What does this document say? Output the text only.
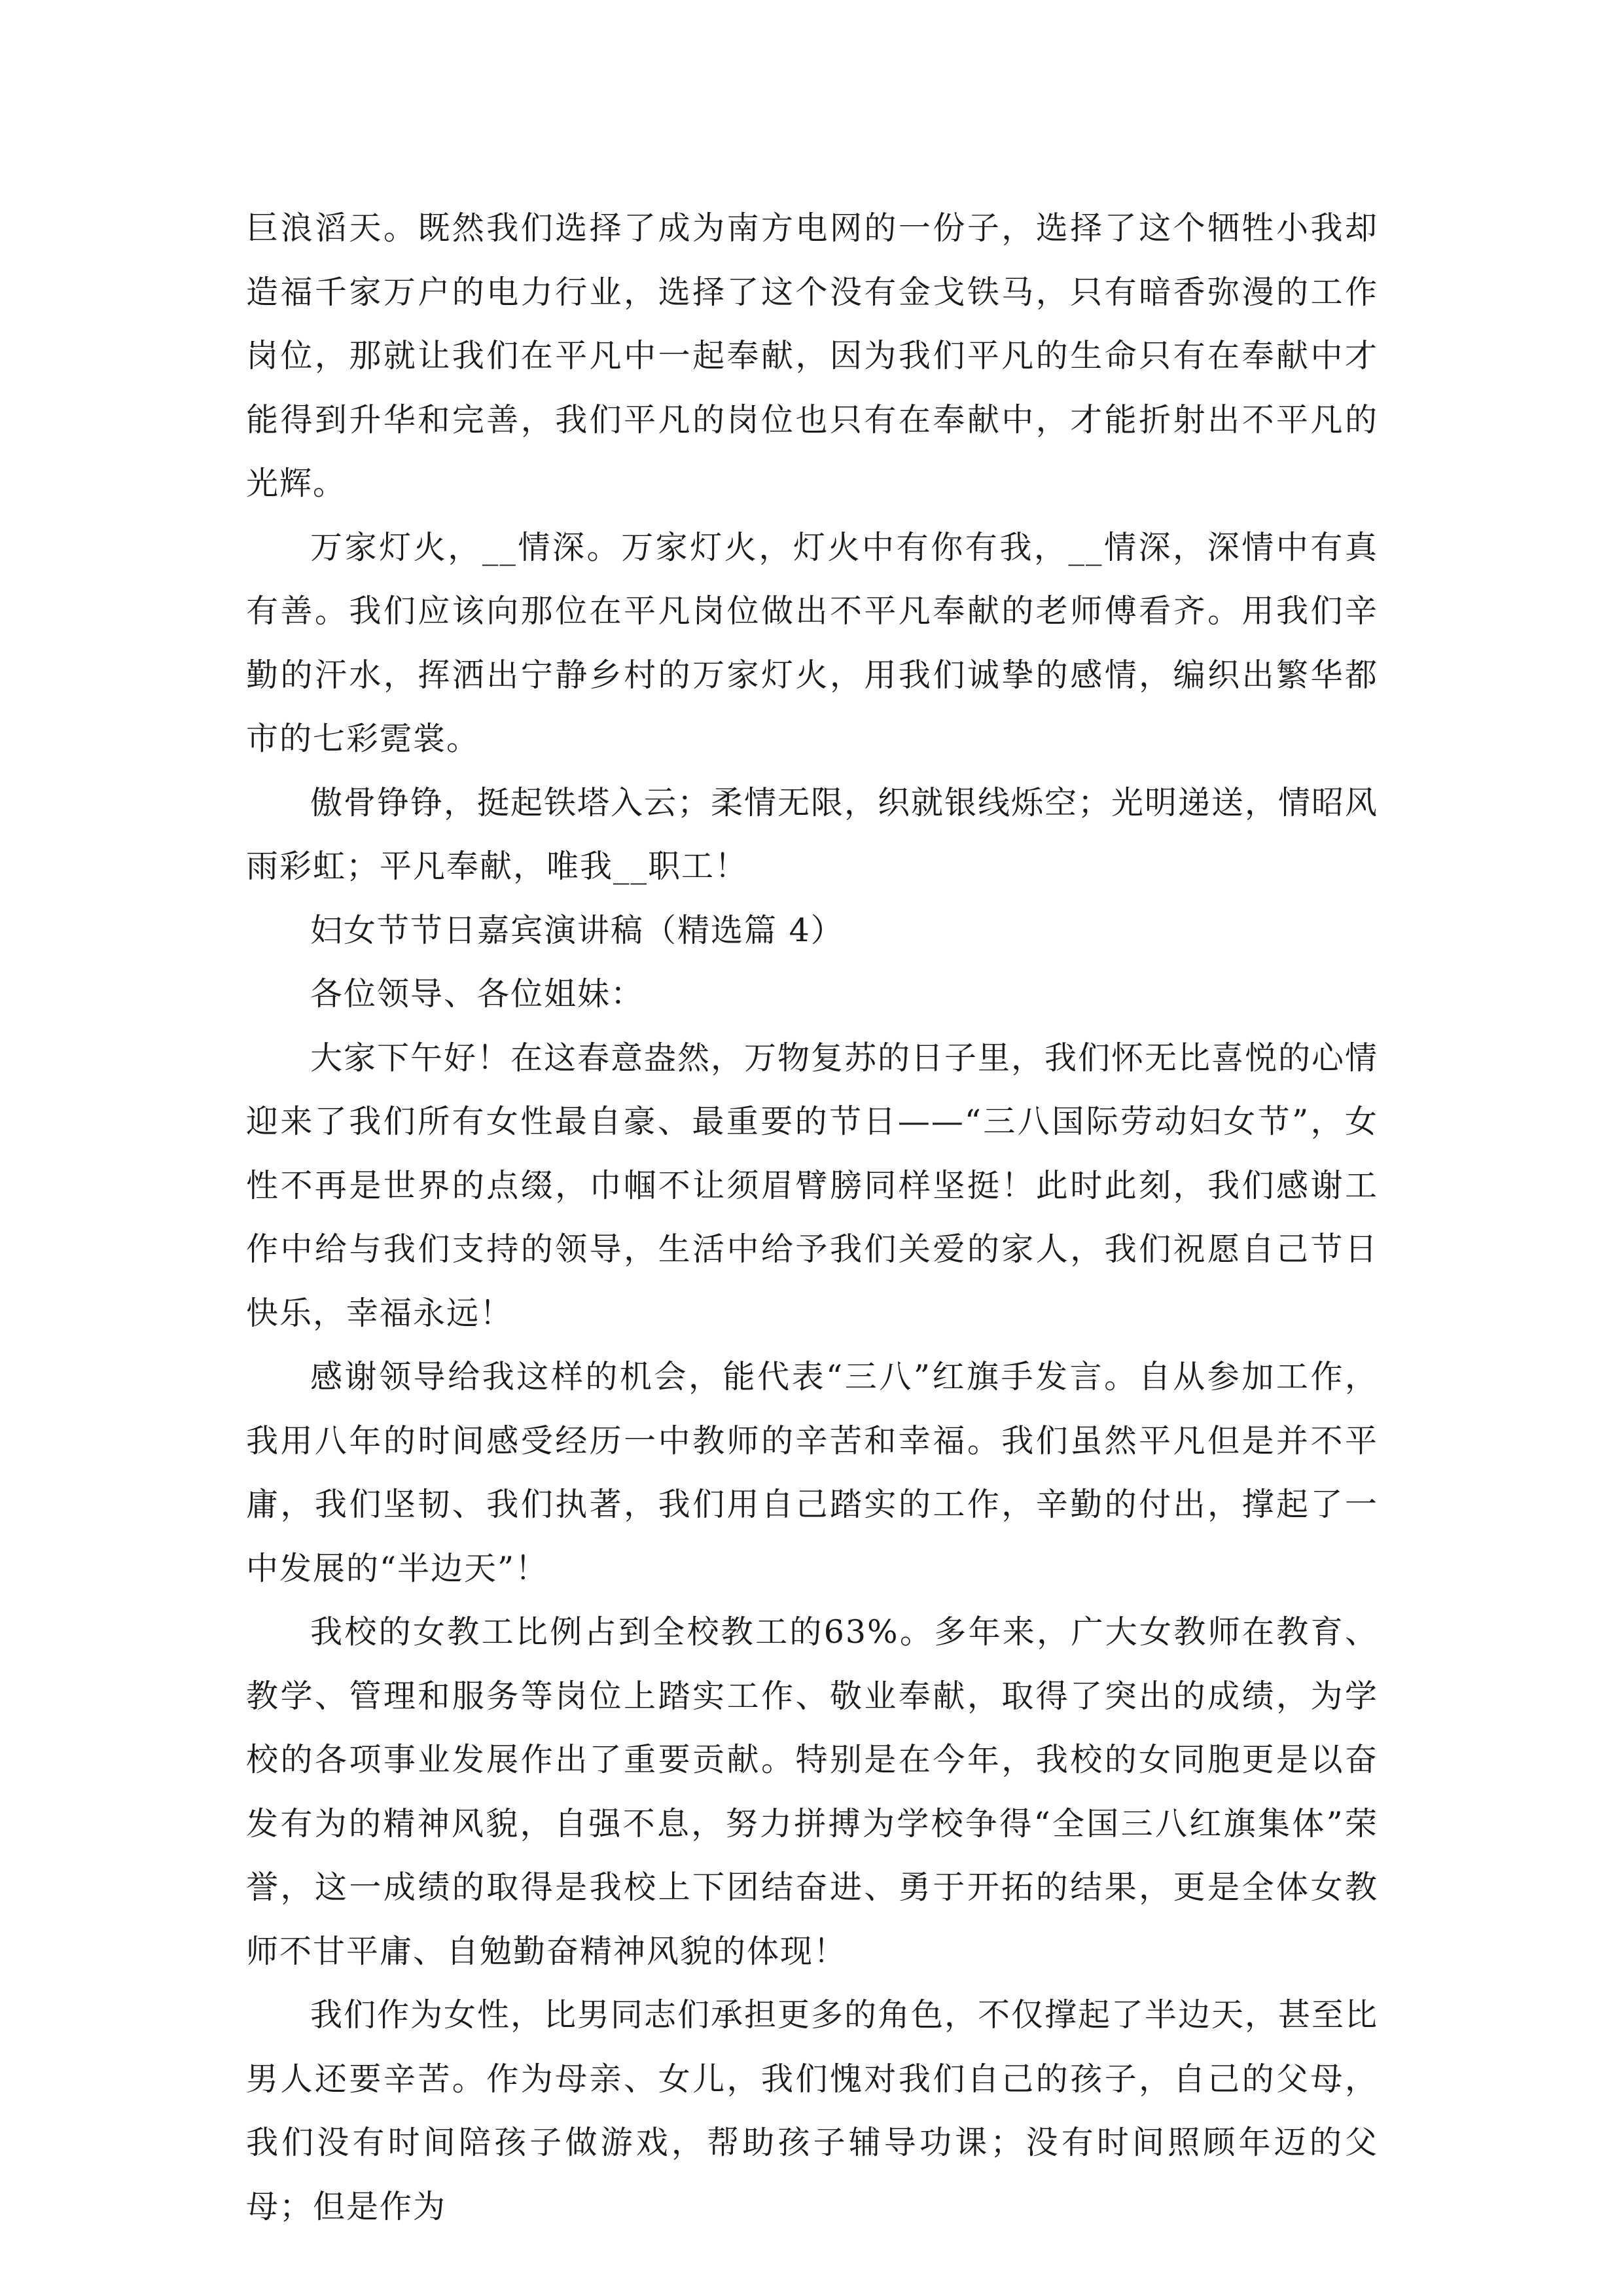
巨浪滔天。既然我们选择了成为南方电网的一份子，选择了这个牺牲小我却造福千家万户的电力行业，选择了这个没有金戈铁马，只有暗香弥漫的工作岗位，那就让我们在平凡中一起奉献，因为我们平凡的生命只有在奉献中才能得到升华和完善，我们平凡的岗位也只有在奉献中，才能折射出不平凡的光辉。

万家灯火，__情深。万家灯火，灯火中有你有我，__情深，深情中有真有善。我们应该向那位在平凡岗位做出不平凡奉献的老师傅看齐。用我们辛勤的汗水，挥洒出宁静乡村的万家灯火，用我们诚挚的感情，编织出繁华都市的七彩霓裳。

傲骨铮铮，挺起铁塔入云；柔情无限，织就银线烁空；光明递送，情昭风雨彩虹；平凡奉献，唯我__职工！

妇女节节日嘉宾演讲稿（精选篇 4）

各位领导、各位姐妹：

大家下午好！在这春意盎然，万物复苏的日子里，我们怀无比喜悦的心情迎来了我们所有女性最自豪、最重要的节日——“三八国际劳动妇女节”，女性不再是世界的点缀，巾帼不让须眉臂膀同样坚挺！此时此刻，我们感谢工作中给与我们支持的领导，生活中给予我们关爱的家人，我们祝愿自己节日快乐，幸福永远！

感谢领导给我这样的机会，能代表“三八”红旗手发言。自从参加工作，我用八年的时间感受经历一中教师的辛苦和幸福。我们虽然平凡但是并不平庸，我们坚韧、我们执著，我们用自己踏实的工作，辛勤的付出，撑起了一中发展的“半边天”！

我校的女教工比例占到全校教工的63%。多年来，广大女教师在教育、教学、管理和服务等岗位上踏实工作、敬业奉献，取得了突出的成绩，为学校的各项事业发展作出了重要贡献。特别是在今年，我校的女同胞更是以奋发有为的精神风貌，自强不息，努力拼搏为学校争得“全国三八红旗集体”荣誉，这一成绩的取得是我校上下团结奋进、勇于开拓的结果，更是全体女教师不甘平庸、自勉勤奋精神风貌的体现！

我们作为女性，比男同志们承担更多的角色，不仅撑起了半边天，甚至比男人还要辛苦。作为母亲、女儿，我们愧对我们自己的孩子，自己的父母，我们没有时间陪孩子做游戏，帮助孩子辅导功课；没有时间照顾年迈的父母；但是作为
